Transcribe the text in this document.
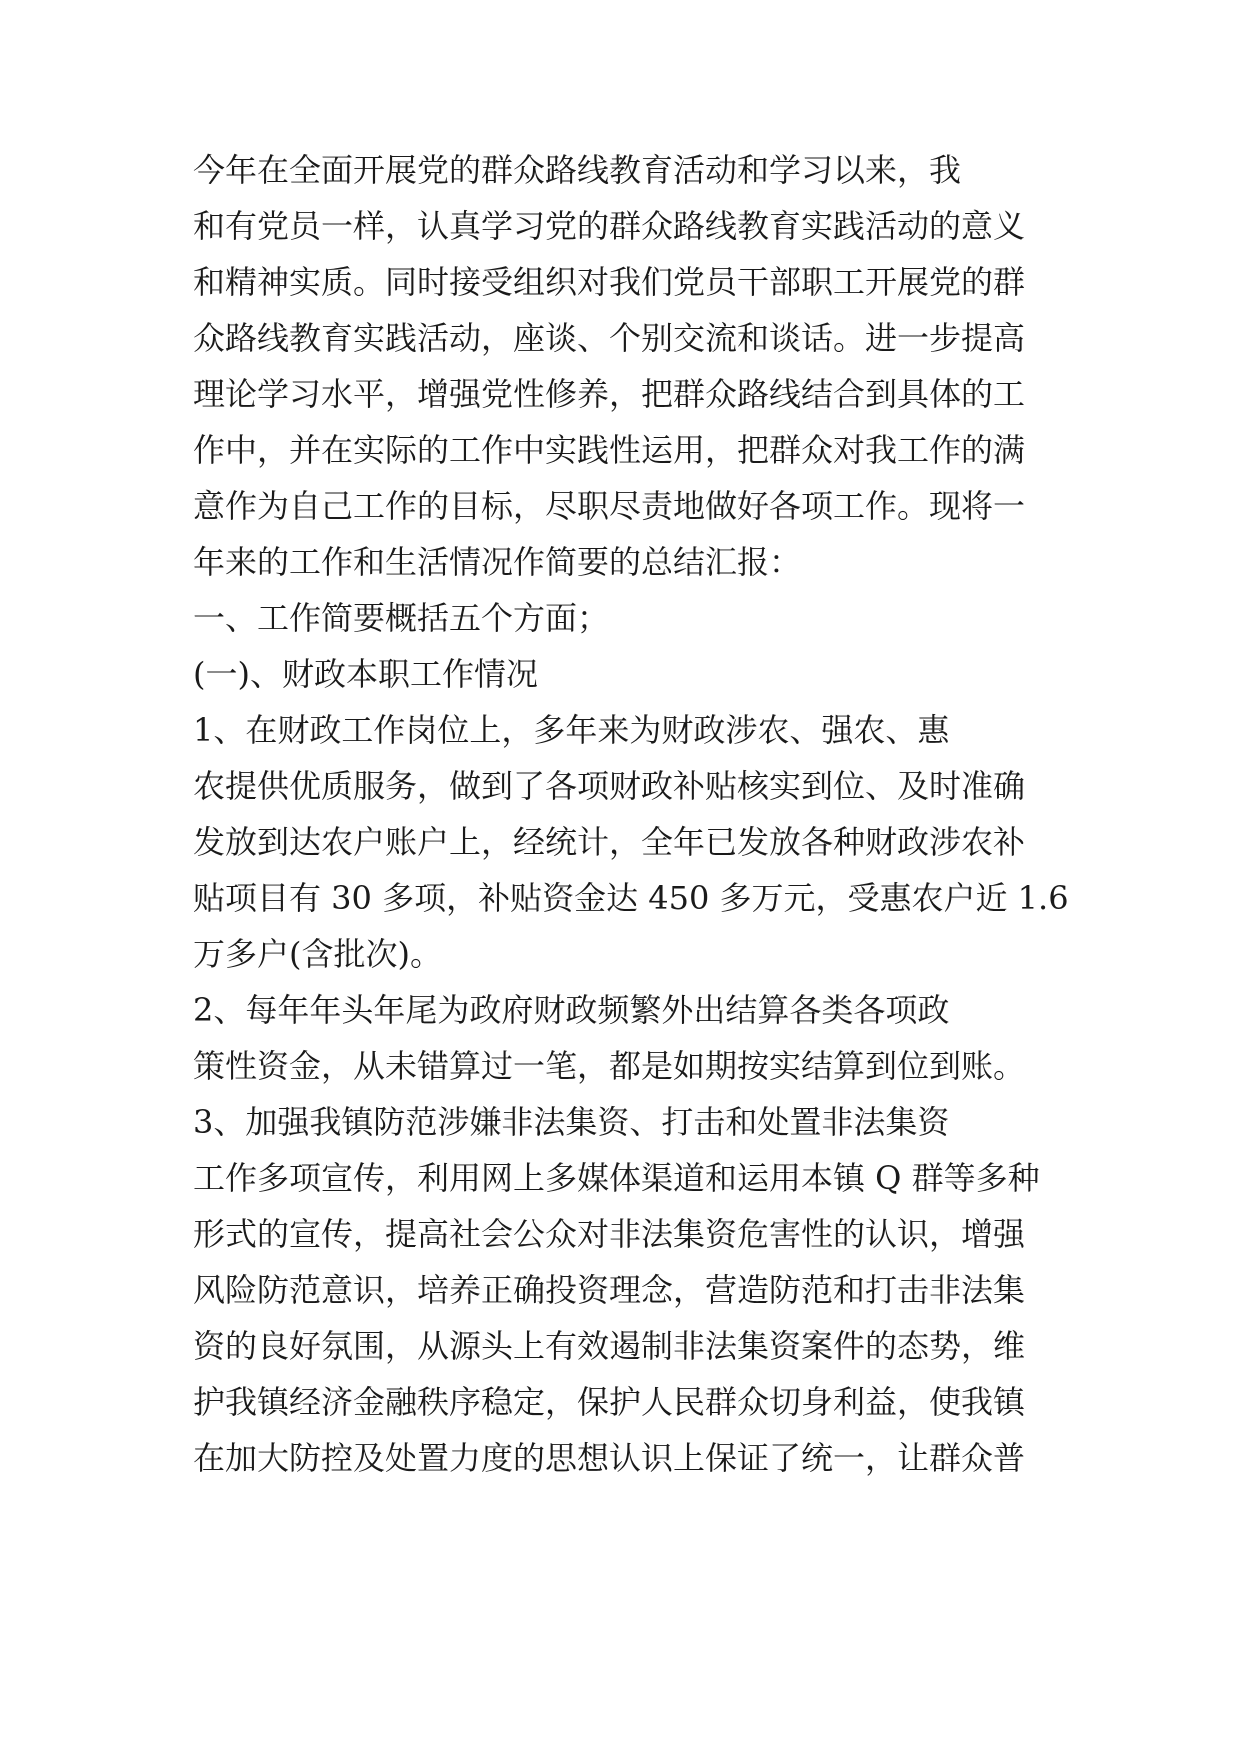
今年在全面开展党的群众路线教育活动和学习以来，我
和有党员一样，认真学习党的群众路线教育实践活动的意义
和精神实质。同时接受组织对我们党员干部职工开展党的群
众路线教育实践活动，座谈、个别交流和谈话。进一步提高
理论学习水平，增强党性修养，把群众路线结合到具体的工
作中，并在实际的工作中实践性运用，把群众对我工作的满
意作为自己工作的目标，尽职尽责地做好各项工作。现将一
年来的工作和生活情况作简要的总结汇报：
一、工作简要概括五个方面；
(一)、财政本职工作情况
1、在财政工作岗位上，多年来为财政涉农、强农、惠
农提供优质服务，做到了各项财政补贴核实到位、及时准确
发放到达农户账户上，经统计，全年已发放各种财政涉农补
贴项目有 30 多项，补贴资金达 450 多万元，受惠农户近 1.6
万多户(含批次)。
2、每年年头年尾为政府财政频繁外出结算各类各项政
策性资金，从未错算过一笔，都是如期按实结算到位到账。
3、加强我镇防范涉嫌非法集资、打击和处置非法集资
工作多项宣传，利用网上多媒体渠道和运用本镇 Q 群等多种
形式的宣传，提高社会公众对非法集资危害性的认识，增强
风险防范意识，培养正确投资理念，营造防范和打击非法集
资的良好氛围，从源头上有效遏制非法集资案件的态势，维
护我镇经济金融秩序稳定，保护人民群众切身利益，使我镇
在加大防控及处置力度的思想认识上保证了统一，让群众普
